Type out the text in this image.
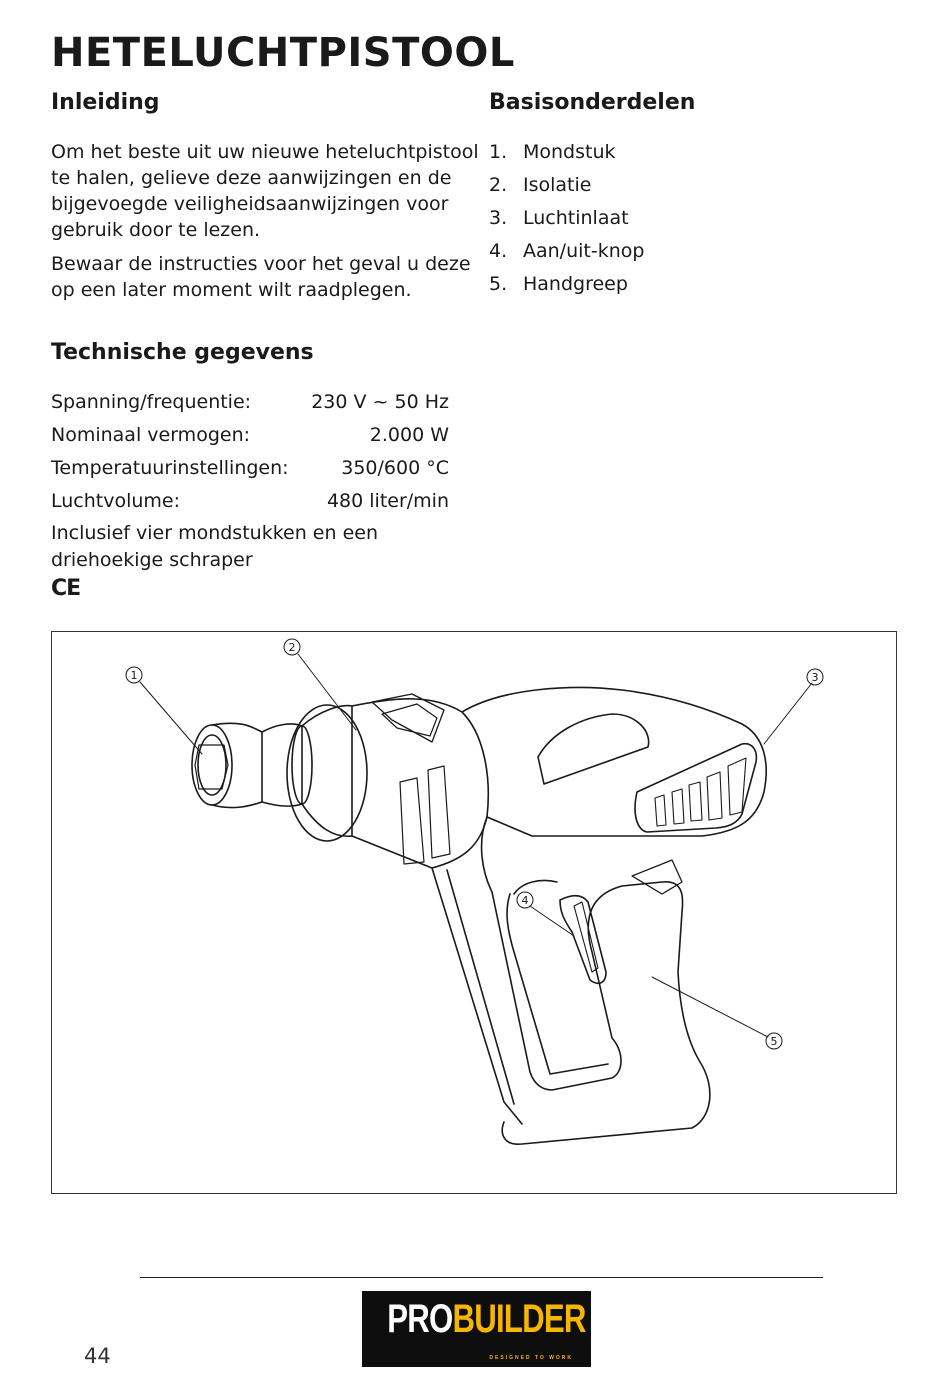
HETELUCHTPISTOOL
Inleiding

Om het beste uit uw nieuwe heteluchtpistool
te halen, gelieve deze aanwijzingen en de
bijgevoegde veiligheidsaanwijzingen voor
gebruik door te lezen.

Bewaar de instructies voor het geval u deze
op een later moment wilt raadplegen.

Basisonderdelen
1. Mondstuk
2. Isolatie
3. Luchtinlaat
4. Aan/uit-knop
5. Handgreep
Technische gegevens
Spanning/frequentie:	230 V ~ 50 Hz
Nominaal vermogen:	2.000 W
Temperatuurinstellingen:	350/600 °C
Luchtvolume:	480 liter/min

Inclusief vier mondstukken en een
driehoekige schraper

CE
1
2
3
4
5
PROBUILDER
DESIGNED TO WORK
44
